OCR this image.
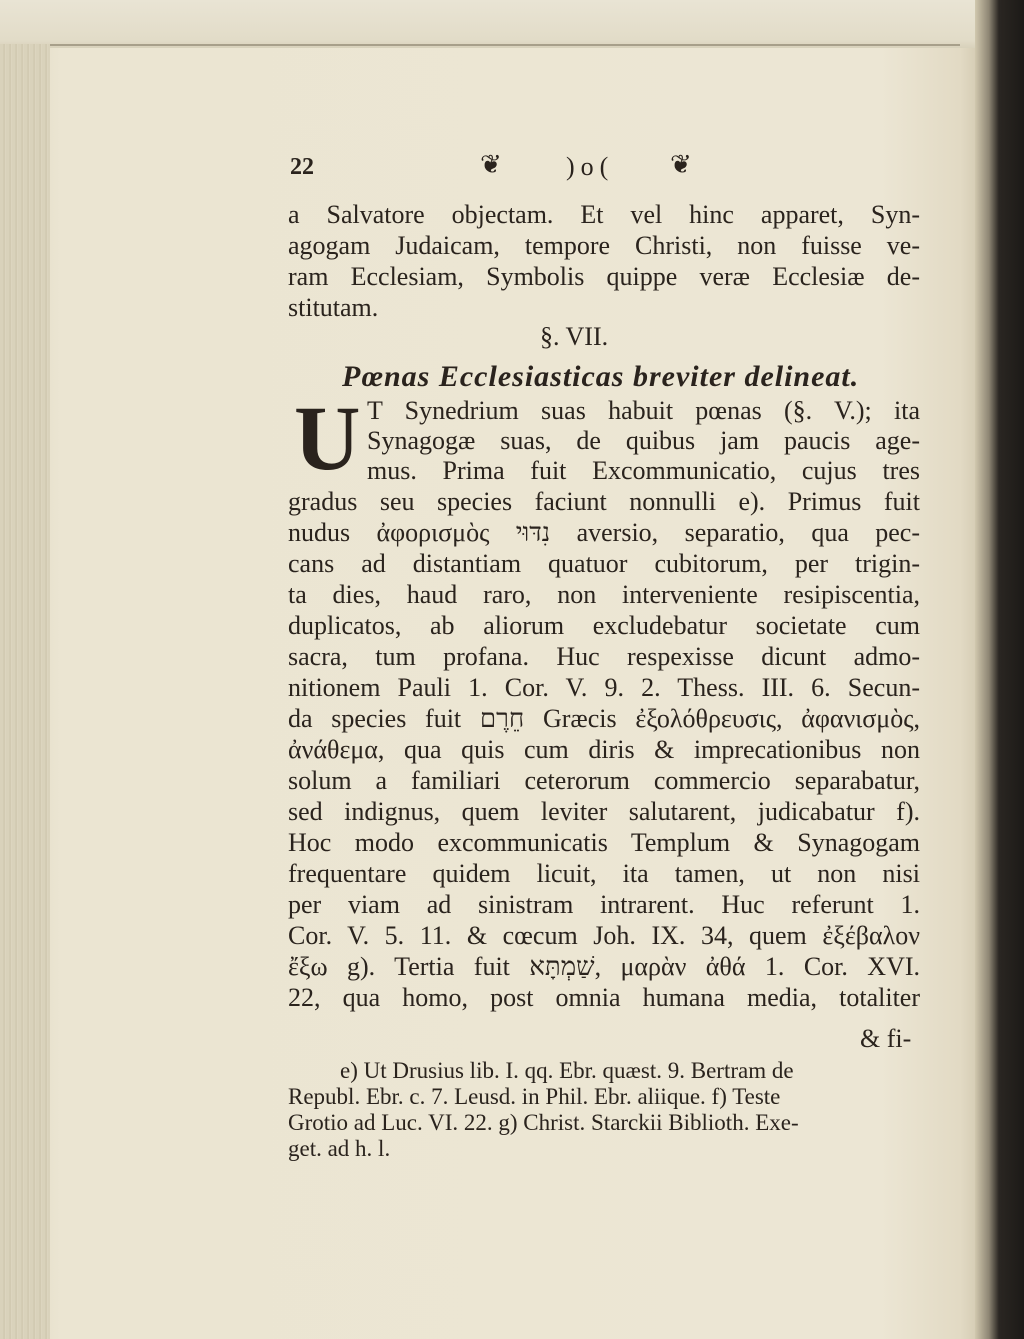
22	❦ )o( ❦
a Salvatore objectam. Et vel hinc apparet, Syn-
agogam Judaicam, tempore Christi, non fuisse ve-
ram Ecclesiam, Symbolis quippe veræ Ecclesiæ de-
stitutam.
§. VII.
Pœnas Ecclesiasticas breviter delineat.
U T Synedrium suas habuit pœnas (§. V.); ita
Synagogæ suas, de quibus jam paucis age-
mus. Prima fuit Excommunicatio, cujus tres
gradus seu species faciunt nonnulli e). Primus fuit
nudus ἀφορισμὸς נִדּוּי aversio, separatio, qua pec-
cans ad distantiam quatuor cubitorum, per trigin-
ta dies, haud raro, non interveniente resipiscentia,
duplicatos, ab aliorum excludebatur societate cum
sacra, tum profana. Huc respexisse dicunt admo-
nitionem Pauli 1. Cor. V. 9. 2. Thess. III. 6. Secun-
da species fuit חֵרֶם Græcis ἐξολόθρευσις, ἀφανισμὸς,
ἀνάθεμα, qua quis cum diris & imprecationibus non
solum a familiari ceterorum commercio separabatur,
sed indignus, quem leviter salutarent, judicabatur f).
Hoc modo excommunicatis Templum & Synagogam
frequentare quidem licuit, ita tamen, ut non nisi
per viam ad sinistram intrarent. Huc referunt 1.
Cor. V. 5. 11. & cœcum Joh. IX. 34, quem ἐξέβαλον
ἔξω g). Tertia fuit שַׁמְתָּא, μαρὰν ἀθά 1. Cor. XVI.
22, qua homo, post omnia humana media, totaliter
& fi-
e) Ut Drusius lib. I. qq. Ebr. quæst. 9. Bertram de
Republ. Ebr. c. 7. Leusd. in Phil. Ebr. aliique. f) Teste
Grotio ad Luc. VI. 22. g) Christ. Starckii Biblioth. Exe-
get. ad h. l.
